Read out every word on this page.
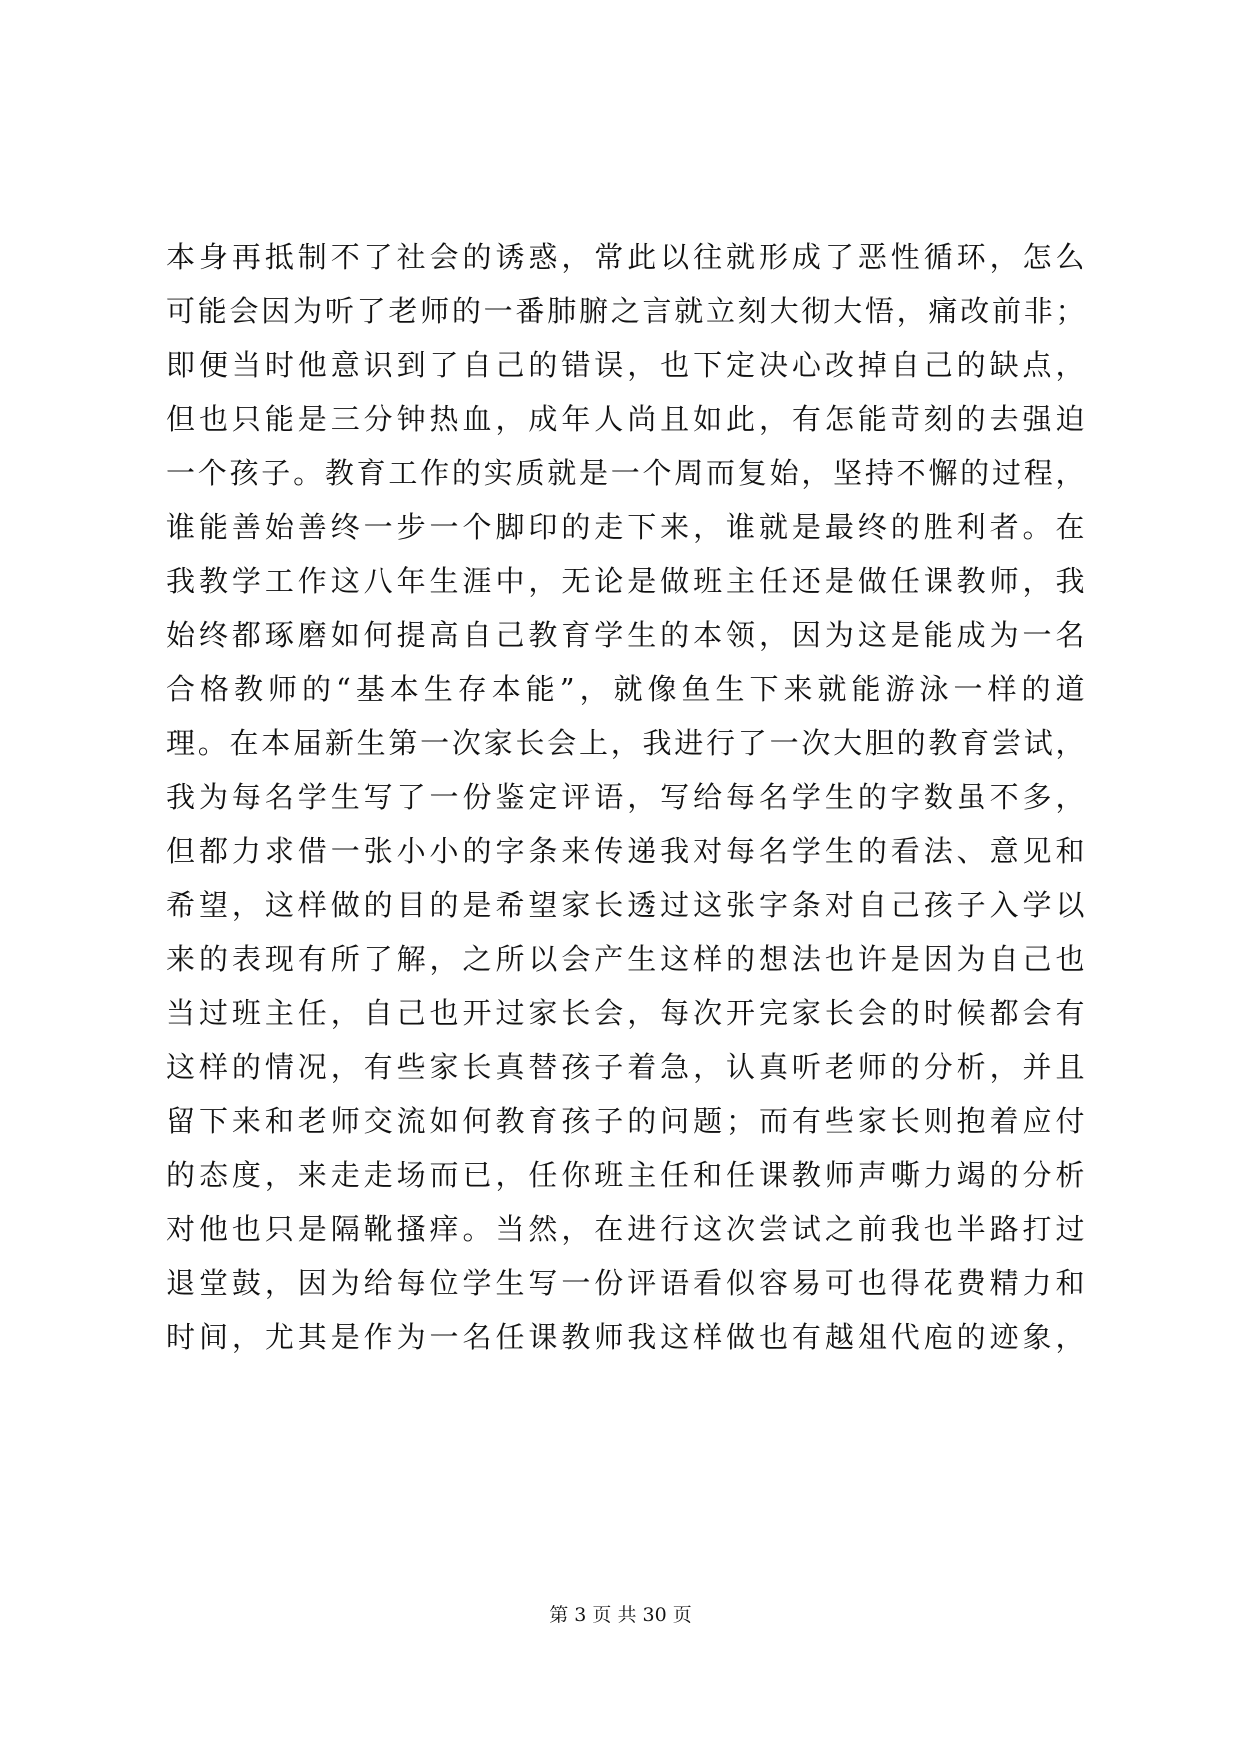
本身再抵制不了社会的诱惑，常此以往就形成了恶性循环，怎么
可能会因为听了老师的一番肺腑之言就立刻大彻大悟，痛改前非；
即便当时他意识到了自己的错误，也下定决心改掉自己的缺点，
但也只能是三分钟热血，成年人尚且如此，有怎能苛刻的去强迫
一个孩子。教育工作的实质就是一个周而复始，坚持不懈的过程，
谁能善始善终一步一个脚印的走下来，谁就是最终的胜利者。在
我教学工作这八年生涯中，无论是做班主任还是做任课教师，我
始终都琢磨如何提高自己教育学生的本领，因为这是能成为一名
合格教师的“基本生存本能”，就像鱼生下来就能游泳一样的道
理。在本届新生第一次家长会上，我进行了一次大胆的教育尝试，
我为每名学生写了一份鉴定评语，写给每名学生的字数虽不多，
但都力求借一张小小的字条来传递我对每名学生的看法、意见和
希望，这样做的目的是希望家长透过这张字条对自己孩子入学以
来的表现有所了解，之所以会产生这样的想法也许是因为自己也
当过班主任，自己也开过家长会，每次开完家长会的时候都会有
这样的情况，有些家长真替孩子着急，认真听老师的分析，并且
留下来和老师交流如何教育孩子的问题；而有些家长则抱着应付
的态度，来走走场而已，任你班主任和任课教师声嘶力竭的分析
对他也只是隔靴搔痒。当然，在进行这次尝试之前我也半路打过
退堂鼓，因为给每位学生写一份评语看似容易可也得花费精力和
时间，尤其是作为一名任课教师我这样做也有越俎代庖的迹象，
第 3 页 共 30 页
